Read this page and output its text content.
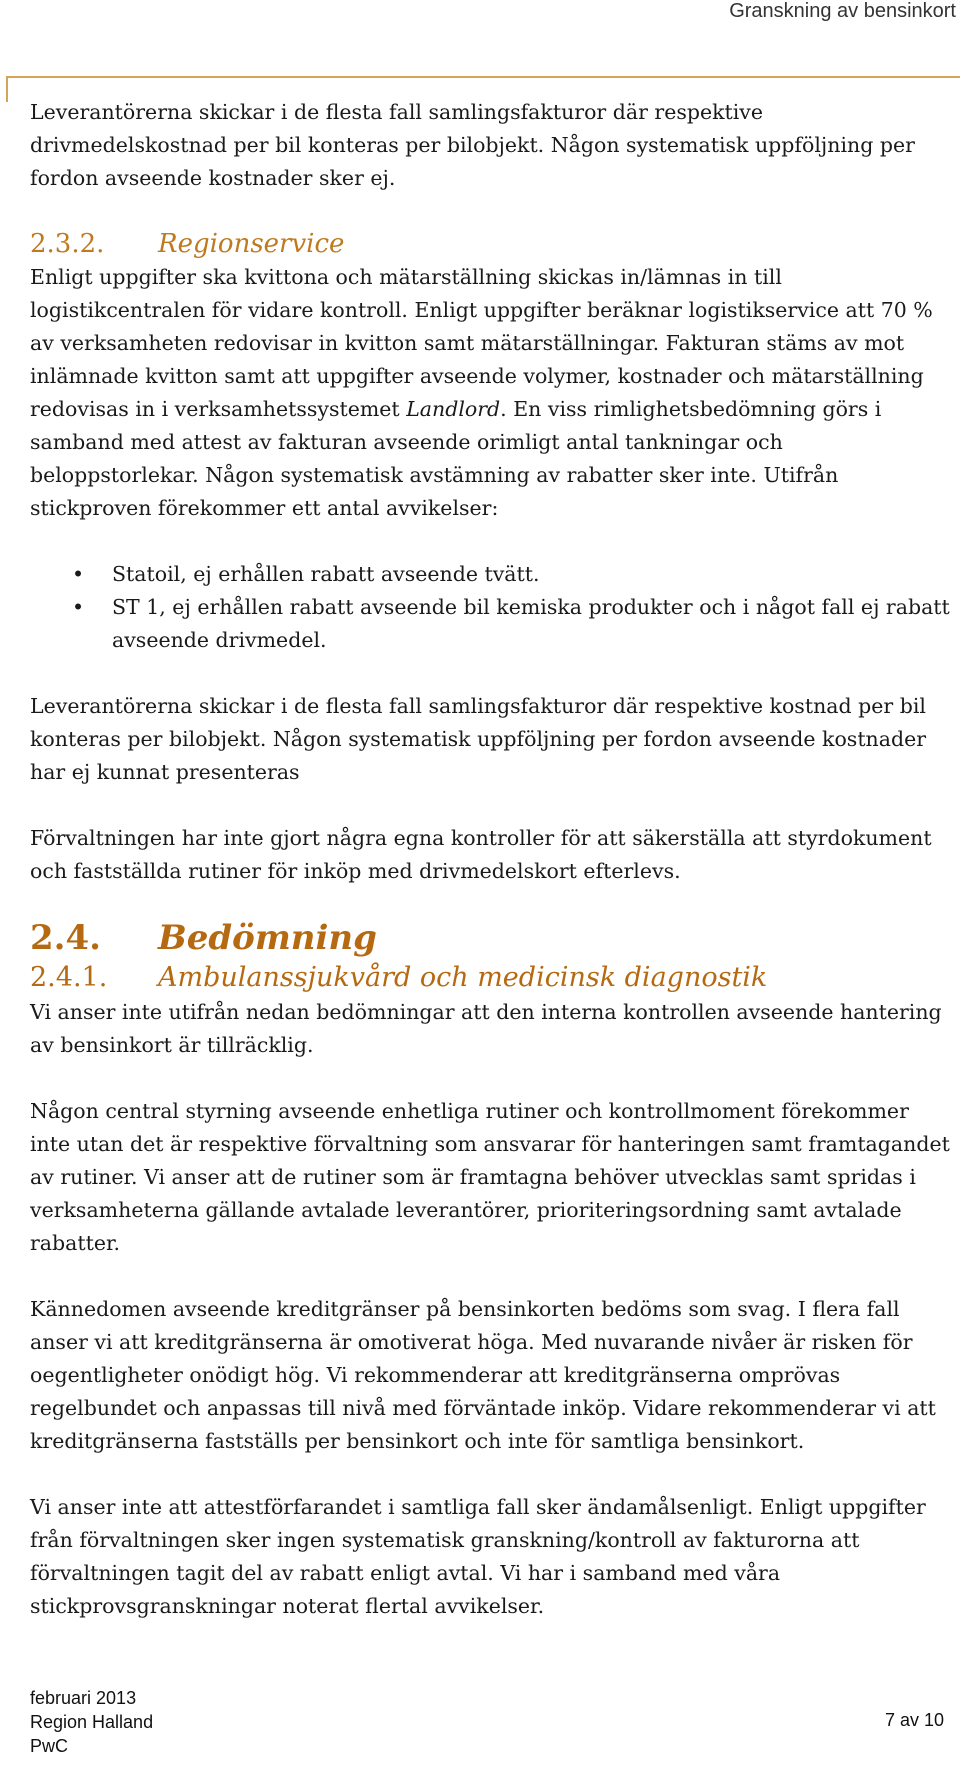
Granskning av bensinkort

Leverantörerna skickar i de flesta fall samlingsfakturor där respektive drivmedelskostnad per bil konteras per bilobjekt. Någon systematisk uppföljning per fordon avseende kostnader sker ej.

2.3.2.	Regionservice

Enligt uppgifter ska kvittona och mätarställning skickas in/lämnas in till logistikcentralen för vidare kontroll. Enligt uppgifter beräknar logistikservice att 70 % av verksamheten redovisar in kvitton samt mätarställningar. Fakturan stäms av mot inlämnade kvitton samt att uppgifter avseende volymer, kostnader och mätarställning redovisas in i verksamhetssystemet Landlord. En viss rimlighetsbedömning görs i samband med attest av fakturan avseende orimligt antal tankningar och beloppstorlekar. Någon systematisk avstämning av rabatter sker inte. Utifrån stickproven förekommer ett antal avvikelser:

• Statoil, ej erhållen rabatt avseende tvätt.
• ST 1, ej erhållen rabatt avseende bil kemiska produkter och i något fall ej rabatt avseende drivmedel.

Leverantörerna skickar i de flesta fall samlingsfakturor där respektive kostnad per bil konteras per bilobjekt. Någon systematisk uppföljning per fordon avseende kostnader har ej kunnat presenteras

Förvaltningen har inte gjort några egna kontroller för att säkerställa att styrdokument och fastställda rutiner för inköp med drivmedelskort efterlevs.

2.4.	Bedömning
2.4.1.	Ambulanssjukvård och medicinsk diagnostik

Vi anser inte utifrån nedan bedömningar att den interna kontrollen avseende hantering av bensinkort är tillräcklig.

Någon central styrning avseende enhetliga rutiner och kontrollmoment förekommer inte utan det är respektive förvaltning som ansvarar för hanteringen samt framtagandet av rutiner. Vi anser att de rutiner som är framtagna behöver utvecklas samt spridas i verksamheterna gällande avtalade leverantörer, prioriteringsordning samt avtalade rabatter.

Kännedomen avseende kreditgränser på bensinkorten bedöms som svag. I flera fall anser vi att kreditgränserna är omotiverat höga. Med nuvarande nivåer är risken för oegentligheter onödigt hög. Vi rekommenderar att kreditgränserna omprövas regelbundet och anpassas till nivå med förväntade inköp. Vidare rekommenderar vi att kreditgränserna fastställs per bensinkort och inte för samtliga bensinkort.

Vi anser inte att attestförfarandet i samtliga fall sker ändamålsenligt. Enligt uppgifter från förvaltningen sker ingen systematisk granskning/kontroll av fakturorna att förvaltningen tagit del av rabatt enligt avtal. Vi har i samband med våra stickprovsgranskningar noterat flertal avvikelser.

februari 2013
Region Halland
PwC
7 av 10
